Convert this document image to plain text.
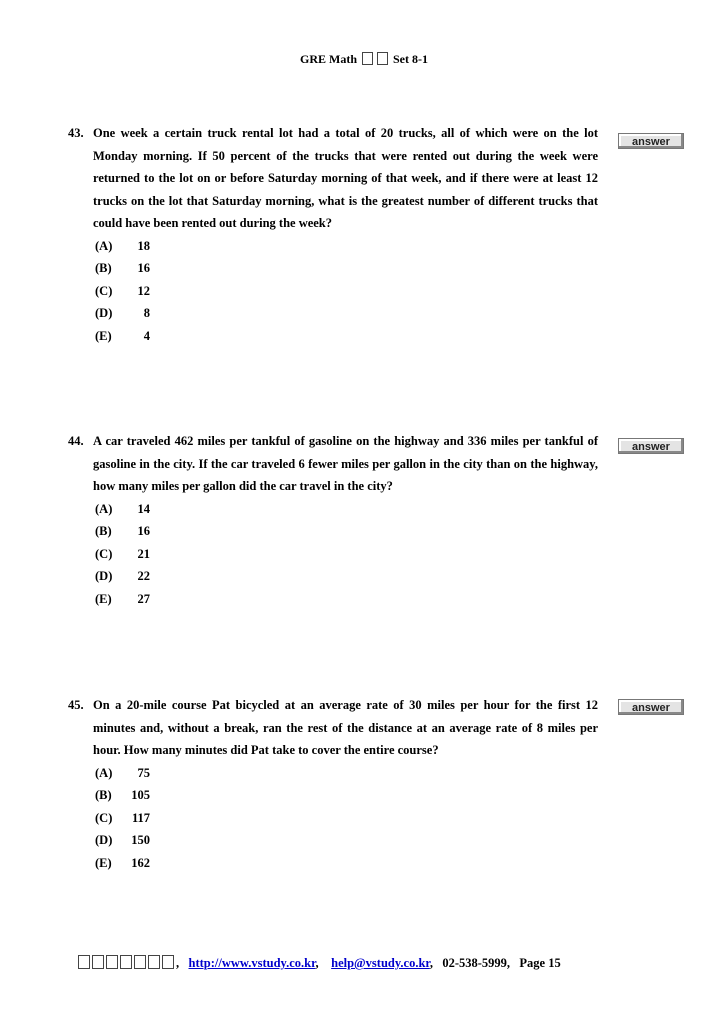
GRE Math	Set 8-1

43. One week a certain truck rental lot had a total of 20 trucks, all of which were on the lot Monday morning. If 50 percent of the trucks that were rented out during the week were returned to the lot on or before Saturday morning of that week, and if there were at least 12 trucks on the lot that Saturday morning, what is the greatest number of different trucks that could have been rented out during the week?

(A)	18
(B)	16
(C)	12
(D)	8
(E)	4
answer

44. A car traveled 462 miles per tankful of gasoline on the highway and 336 miles per tankful of gasoline in the city. If the car traveled 6 fewer miles per gallon in the city than on the highway, how many miles per gallon did the car travel in the city?

(A)	14
(B)	16
(C)	21
(D)	22
(E)	27
answer

45. On a 20-mile course Pat bicycled at an average rate of 30 miles per hour for the first 12 minutes and, without a break, ran the rest of the distance at an average rate of 8 miles per hour. How many minutes did Pat take to cover the entire course?

(A)	75
(B)	105
(C)	117
(D)	150
(E)	162
answer
,   http://www.vstudy.co.kr,    help@vstudy.co.kr,   02-538-5999,   Page 15
